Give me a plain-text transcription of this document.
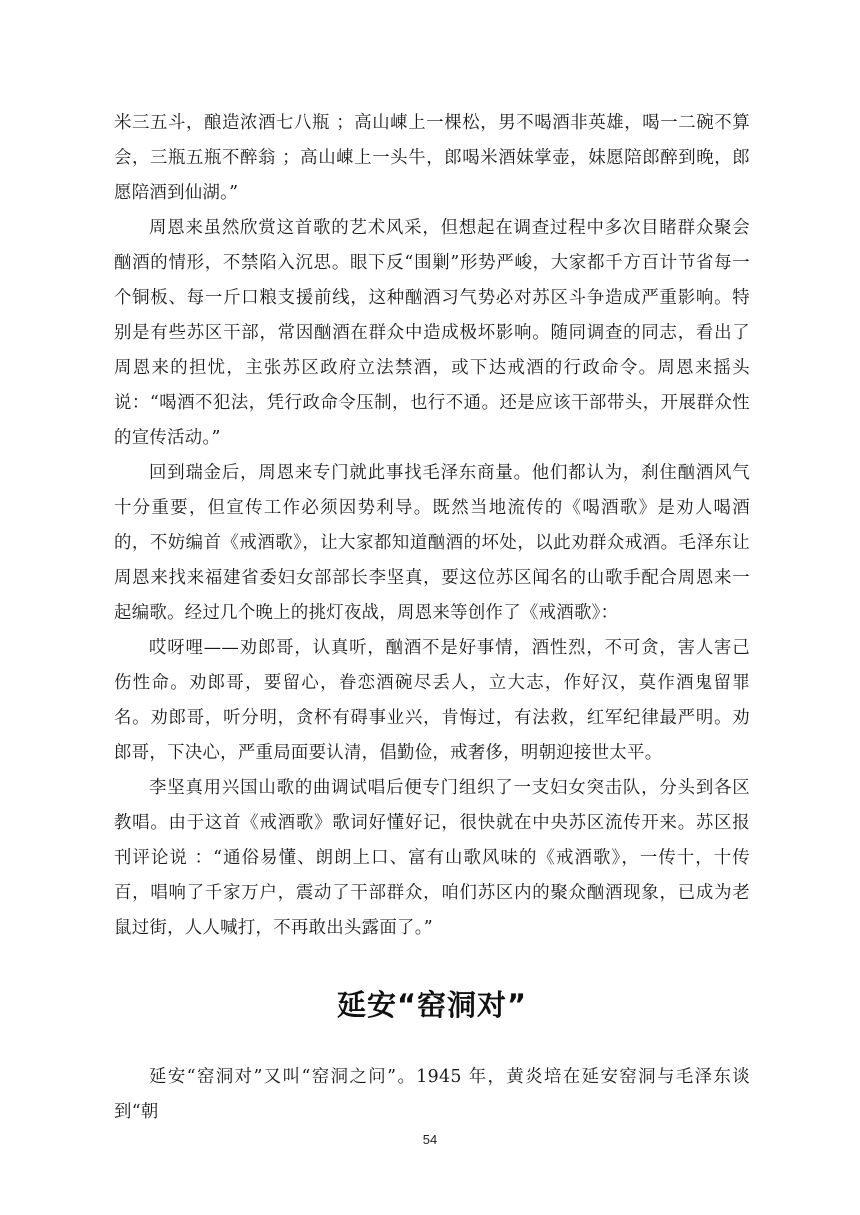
米三五斗，酿造浓酒七八瓶 ；高山崠上一棵松，男不喝酒非英雄，喝一二碗不算会，三瓶五瓶不醉翁 ；高山崠上一头牛，郎喝米酒妹掌壶，妹愿陪郎醉到晚，郎愿陪酒到仙湖。”

周恩来虽然欣赏这首歌的艺术风采，但想起在调查过程中多次目睹群众聚会酗酒的情形，不禁陷入沉思。眼下反“围剿”形势严峻，大家都千方百计节省每一个铜板、每一斤口粮支援前线，这种酗酒习气势必对苏区斗争造成严重影响。特别是有些苏区干部，常因酗酒在群众中造成极坏影响。随同调查的同志，看出了周恩来的担忧，主张苏区政府立法禁酒，或下达戒酒的行政命令。周恩来摇头说：“喝酒不犯法，凭行政命令压制，也行不通。还是应该干部带头，开展群众性的宣传活动。”

回到瑞金后，周恩来专门就此事找毛泽东商量。他们都认为，刹住酗酒风气十分重要，但宣传工作必须因势利导。既然当地流传的《喝酒歌》是劝人喝酒的，不妨编首《戒酒歌》，让大家都知道酗酒的坏处，以此劝群众戒酒。毛泽东让周恩来找来福建省委妇女部部长李坚真，要这位苏区闻名的山歌手配合周恩来一起编歌。经过几个晚上的挑灯夜战，周恩来等创作了《戒酒歌》：

哎呀哩——劝郎哥，认真听，酗酒不是好事情，酒性烈，不可贪，害人害己伤性命。劝郎哥，要留心，眷恋酒碗尽丢人，立大志，作好汉，莫作酒鬼留罪名。劝郎哥，听分明，贪杯有碍事业兴，肯悔过，有法救，红军纪律最严明。劝郎哥，下决心，严重局面要认清，倡勤俭，戒奢侈，明朝迎接世太平。

李坚真用兴国山歌的曲调试唱后便专门组织了一支妇女突击队，分头到各区教唱。由于这首《戒酒歌》歌词好懂好记，很快就在中央苏区流传开来。苏区报刊评论说 ：“通俗易懂、朗朗上口、富有山歌风味的《戒酒歌》，一传十，十传百，唱响了千家万户，震动了干部群众，咱们苏区内的聚众酗酒现象，已成为老鼠过街，人人喊打，不再敢出头露面了。”

延安“窑洞对”

延安“窑洞对”又叫“窑洞之问”。1945 年，黄炎培在延安窑洞与毛泽东谈到“朝

54
